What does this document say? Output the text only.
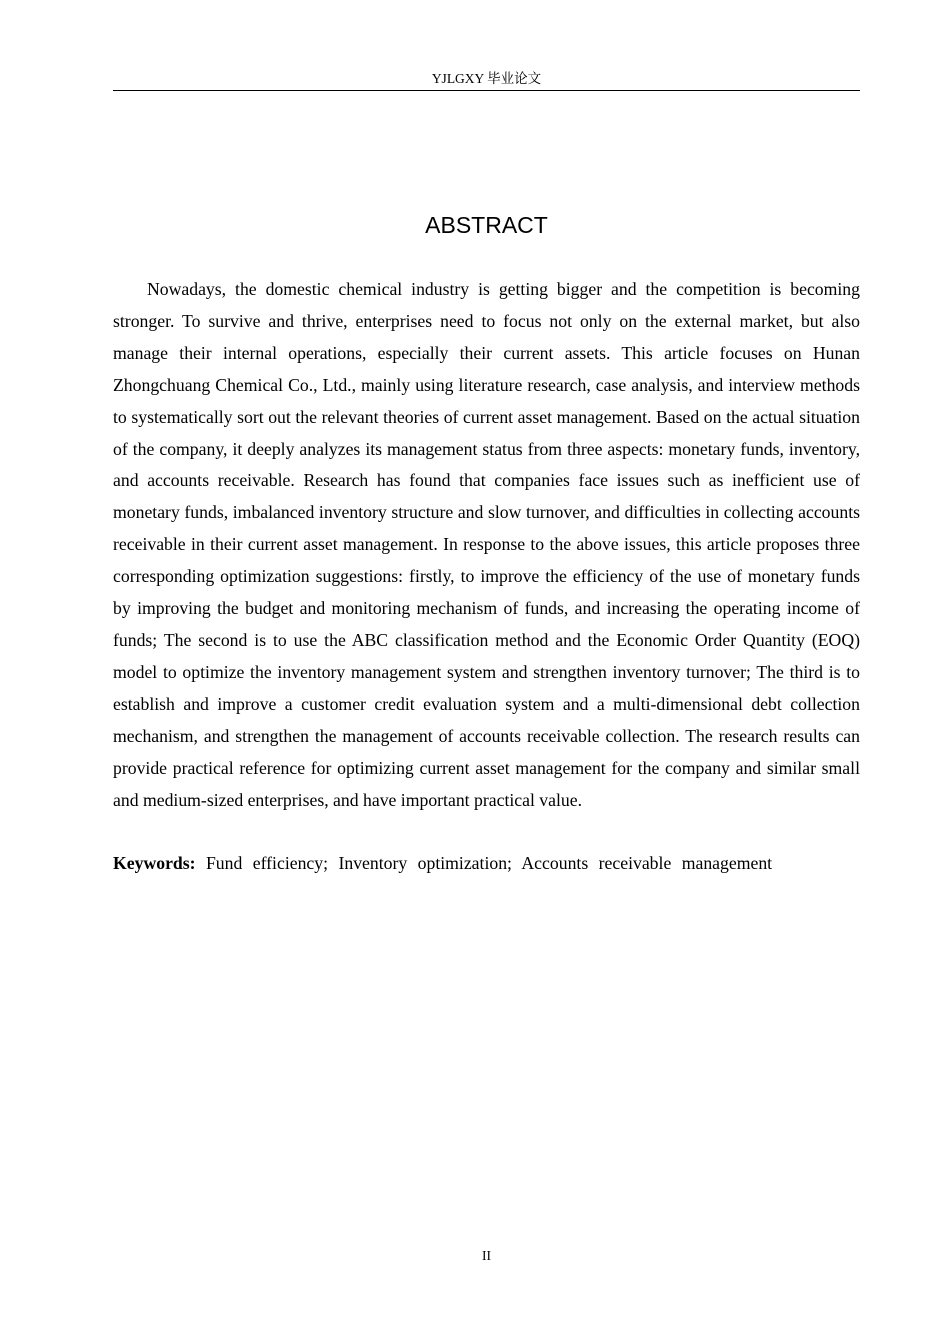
YJLGXY 毕业论文
ABSTRACT

Nowadays, the domestic chemical industry is getting bigger and the competition is becoming stronger. To survive and thrive, enterprises need to focus not only on the external market, but also manage their internal operations, especially their current assets. This article focuses on Hunan Zhongchuang Chemical Co., Ltd., mainly using literature research, case analysis, and interview methods to systematically sort out the relevant theories of current asset management. Based on the actual situation of the company, it deeply analyzes its management status from three aspects: monetary funds, inventory, and accounts receivable. Research has found that companies face issues such as inefficient use of monetary funds, imbalanced inventory structure and slow turnover, and difficulties in collecting accounts receivable in their current asset management. In response to the above issues, this article proposes three corresponding optimization suggestions: firstly, to improve the efficiency of the use of monetary funds by improving the budget and monitoring mechanism of funds, and increasing the operating income of funds; The second is to use the ABC classification method and the Economic Order Quantity (EOQ) model to optimize the inventory management system and strengthen inventory turnover; The third is to establish and improve a customer credit evaluation system and a multi-dimensional debt collection mechanism, and strengthen the management of accounts receivable collection. The research results can provide practical reference for optimizing current asset management for the company and similar small and medium-sized enterprises, and have important practical value.

Keywords: Fund efficiency; Inventory optimization; Accounts receivable management

II
